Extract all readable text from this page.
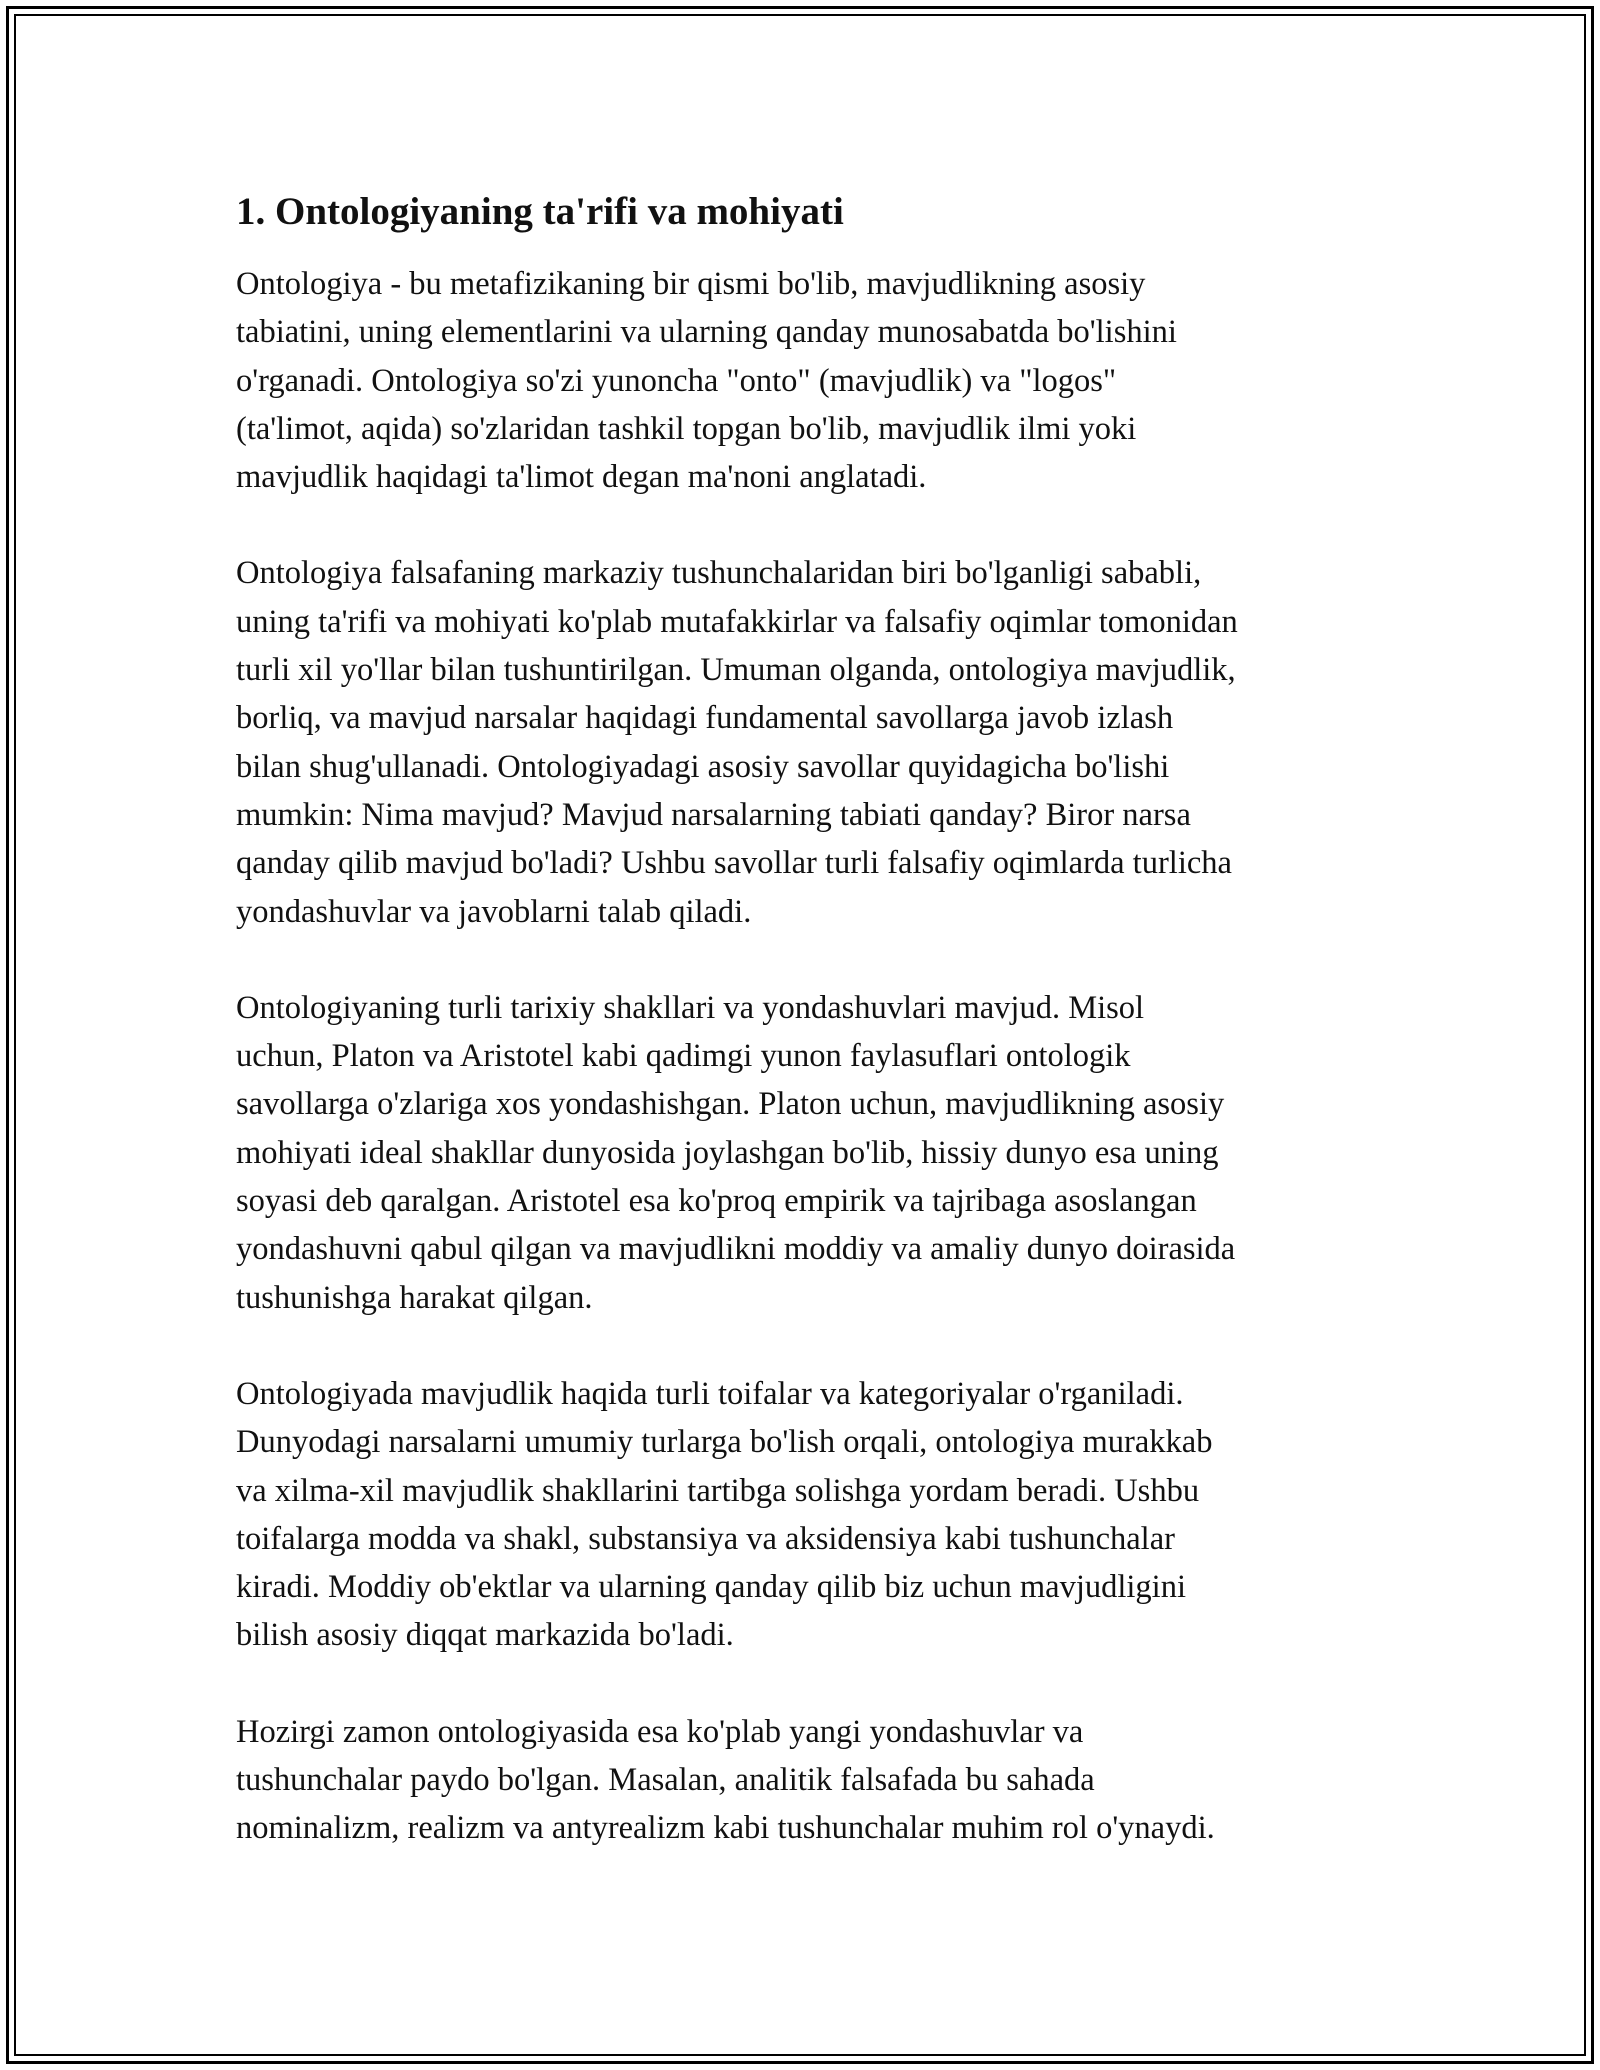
1. Ontologiyaning ta'rifi va mohiyati

Ontologiya - bu metafizikaning bir qismi bo'lib, mavjudlikning asosiy
tabiatini, uning elementlarini va ularning qanday munosabatda bo'lishini
o'rganadi. Ontologiya so'zi yunoncha "onto" (mavjudlik) va "logos"
(ta'limot, aqida) so'zlaridan tashkil topgan bo'lib, mavjudlik ilmi yoki
mavjudlik haqidagi ta'limot degan ma'noni anglatadi.

Ontologiya falsafaning markaziy tushunchalaridan biri bo'lganligi sababli,
uning ta'rifi va mohiyati ko'plab mutafakkirlar va falsafiy oqimlar tomonidan
turli xil yo'llar bilan tushuntirilgan. Umuman olganda, ontologiya mavjudlik,
borliq, va mavjud narsalar haqidagi fundamental savollarga javob izlash
bilan shug'ullanadi. Ontologiyadagi asosiy savollar quyidagicha bo'lishi
mumkin: Nima mavjud? Mavjud narsalarning tabiati qanday? Biror narsa
qanday qilib mavjud bo'ladi? Ushbu savollar turli falsafiy oqimlarda turlicha
yondashuvlar va javoblarni talab qiladi.

Ontologiyaning turli tarixiy shakllari va yondashuvlari mavjud. Misol
uchun, Platon va Aristotel kabi qadimgi yunon faylasuflari ontologik
savollarga o'zlariga xos yondashishgan. Platon uchun, mavjudlikning asosiy
mohiyati ideal shakllar dunyosida joylashgan bo'lib, hissiy dunyo esa uning
soyasi deb qaralgan. Aristotel esa ko'proq empirik va tajribaga asoslangan
yondashuvni qabul qilgan va mavjudlikni moddiy va amaliy dunyo doirasida
tushunishga harakat qilgan.

Ontologiyada mavjudlik haqida turli toifalar va kategoriyalar o'rganiladi.
Dunyodagi narsalarni umumiy turlarga bo'lish orqali, ontologiya murakkab
va xilma-xil mavjudlik shakllarini tartibga solishga yordam beradi. Ushbu
toifalarga modda va shakl, substansiya va aksidensiya kabi tushunchalar
kiradi. Moddiy ob'ektlar va ularning qanday qilib biz uchun mavjudligini
bilish asosiy diqqat markazida bo'ladi.

Hozirgi zamon ontologiyasida esa ko'plab yangi yondashuvlar va
tushunchalar paydo bo'lgan. Masalan, analitik falsafada bu sahada
nominalizm, realizm va antyrealizm kabi tushunchalar muhim rol o'ynaydi.
